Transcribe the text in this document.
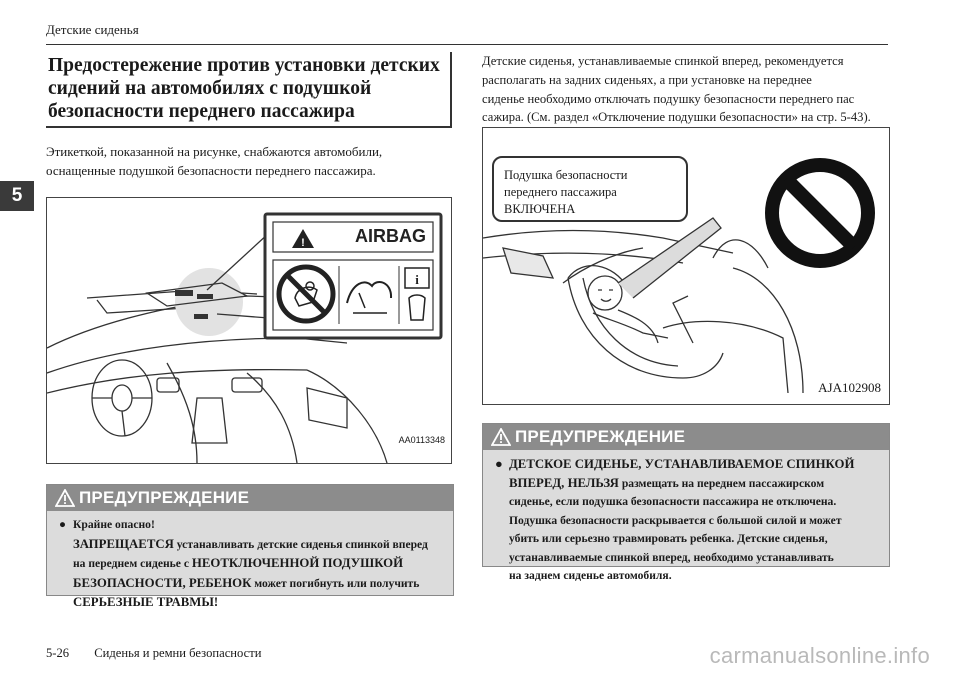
Детские сиденья
5
Предостережение против установки детских
сидений на автомобилях с подушкой
безопасности переднего пассажира
Этикеткой, показанной на рисунке, снабжаются автомобили,
оснащенные подушкой безопасности переднего пассажира.
Детские сиденья, устанавливаемые спинкой вперед, рекомендуется
располагать на задних сиденьях, а при установке на переднее
сиденье необходимо отключать подушку безопасности переднего пас
сажира. (См. раздел «Отключение подушки безопасности» на стр. 5-43).
!
i
AIRBAG
AA0113348
AJA102908
Подушка безопасности
переднего пассажира
ВКЛЮЧЕНА
ПРЕДУПРЕЖДЕНИЕ
● ДЕТСКОЕ СИДЕНЬЕ, УСТАНАВЛИВАЕМОЕ СПИНКОЙ
ВПЕРЕД, НЕЛЬЗЯ размещать на переднем пассажирском
сиденье, если подушка безопасности пассажира не отключена.
Подушка безопасности раскрывается с большой силой и может
убить или серьезно травмировать ребенка. Детские сиденья,
устанавливаемые спинкой вперед, необходимо устанавливать
на заднем сиденье автомобиля.
ПРЕДУПРЕЖДЕНИЕ
● Крайне опасно!
ЗАПРЕЩАЕТСЯ устанавливать детские сиденья спинкой вперед
на переднем сиденье с НЕОТКЛЮЧЕННОЙ ПОДУШКОЙ
БЕЗОПАСНОСТИ, РЕБЕНОК может погибнуть или получить
СЕРЬЕЗНЫЕ ТРАВМЫ!
5-26 Сиденья и ремни безопасности	carmanualsonline.info
